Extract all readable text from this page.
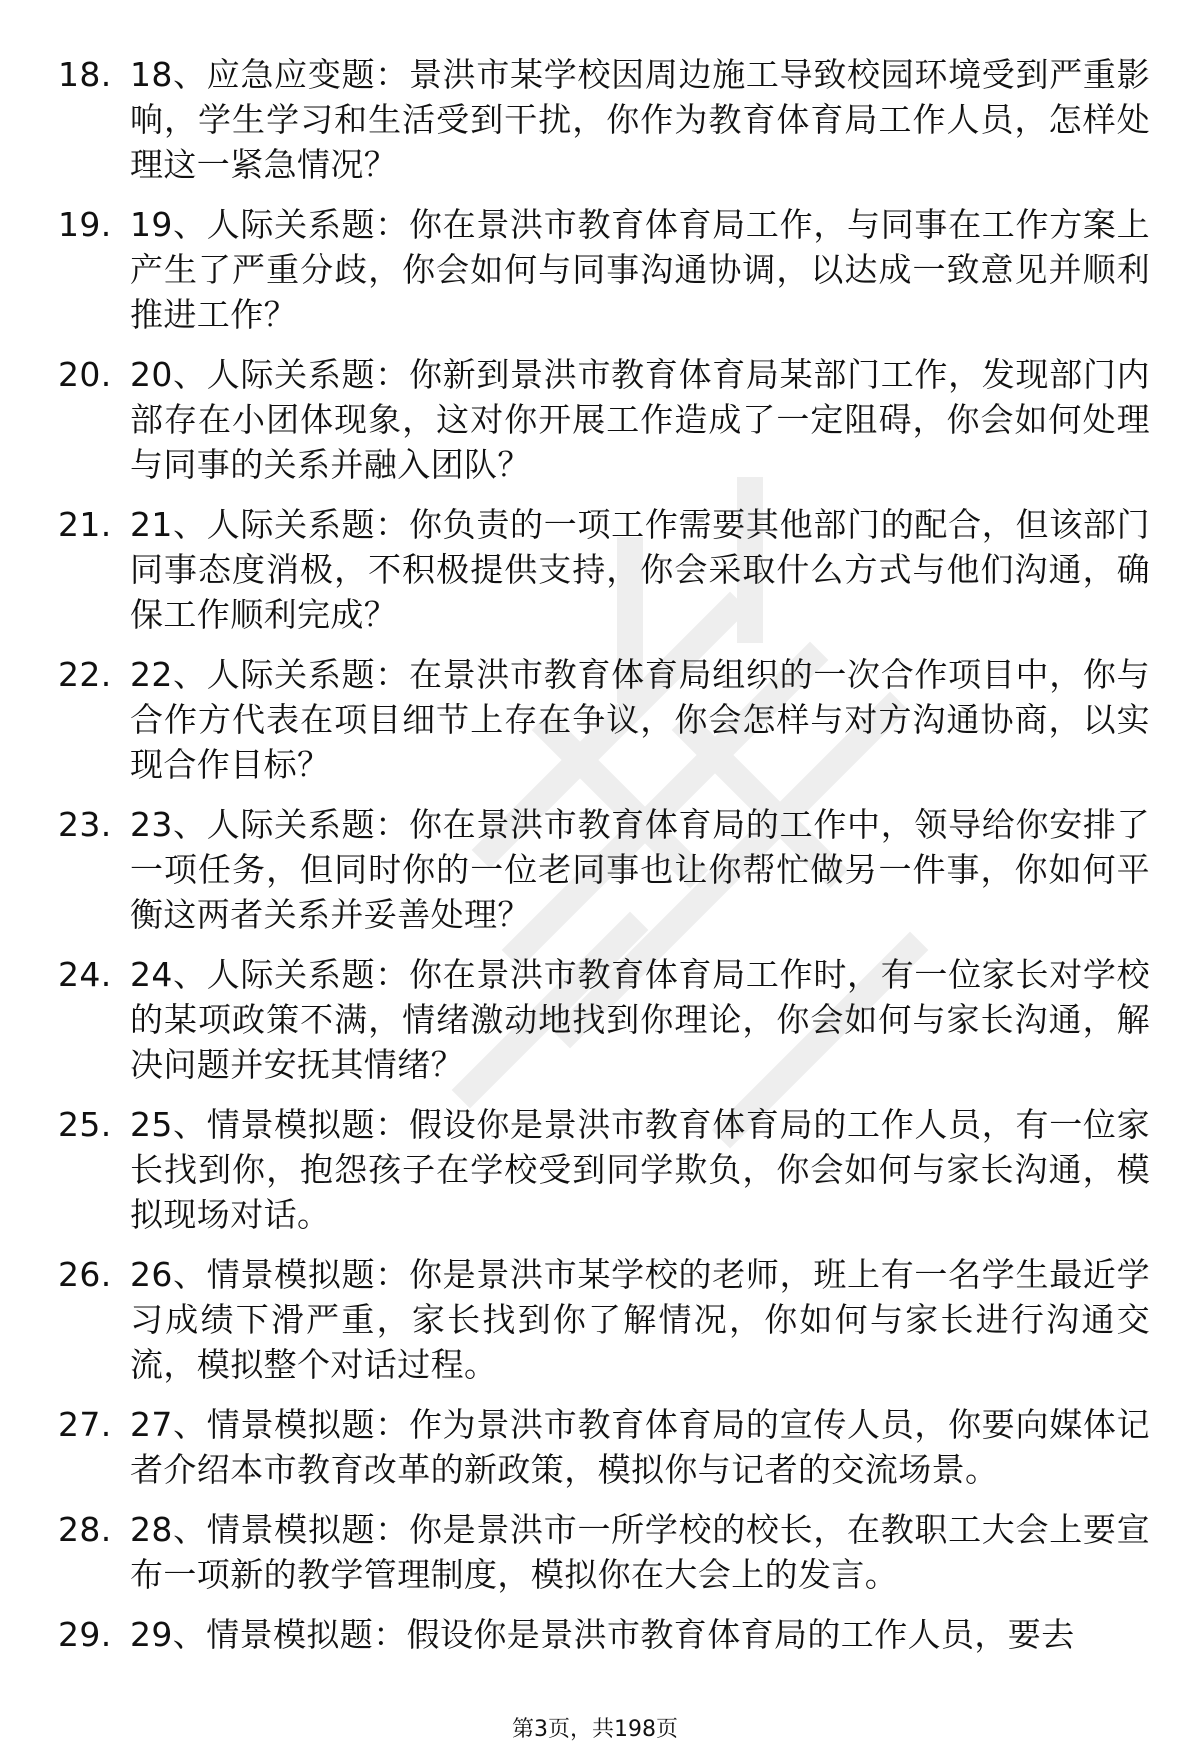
18. 18、应急应变题：景洪市某学校因周边施工导致校园环境受到严重影响，学生学习和生活受到干扰，你作为教育体育局工作人员，怎样处理这一紧急情况？
19. 19、人际关系题：你在景洪市教育体育局工作，与同事在工作方案上产生了严重分歧，你会如何与同事沟通协调，以达成一致意见并顺利推进工作？
20. 20、人际关系题：你新到景洪市教育体育局某部门工作，发现部门内部存在小团体现象，这对你开展工作造成了一定阻碍，你会如何处理与同事的关系并融入团队？
21. 21、人际关系题：你负责的一项工作需要其他部门的配合，但该部门同事态度消极，不积极提供支持，你会采取什么方式与他们沟通，确保工作顺利完成？
22. 22、人际关系题：在景洪市教育体育局组织的一次合作项目中，你与合作方代表在项目细节上存在争议，你会怎样与对方沟通协商，以实现合作目标？
23. 23、人际关系题：你在景洪市教育体育局的工作中，领导给你安排了一项任务，但同时你的一位老同事也让你帮忙做另一件事，你如何平衡这两者关系并妥善处理？
24. 24、人际关系题：你在景洪市教育体育局工作时，有一位家长对学校的某项政策不满，情绪激动地找到你理论，你会如何与家长沟通，解决问题并安抚其情绪？
25. 25、情景模拟题：假设你是景洪市教育体育局的工作人员，有一位家长找到你，抱怨孩子在学校受到同学欺负，你会如何与家长沟通，模拟现场对话。
26. 26、情景模拟题：你是景洪市某学校的老师，班上有一名学生最近学习成绩下滑严重，家长找到你了解情况，你如何与家长进行沟通交流，模拟整个对话过程。
27. 27、情景模拟题：作为景洪市教育体育局的宣传人员，你要向媒体记者介绍本市教育改革的新政策，模拟你与记者的交流场景。
28. 28、情景模拟题：你是景洪市一所学校的校长，在教职工大会上要宣布一项新的教学管理制度，模拟你在大会上的发言。
29. 29、情景模拟题：假设你是景洪市教育体育局的工作人员，要去
第3页，共198页
